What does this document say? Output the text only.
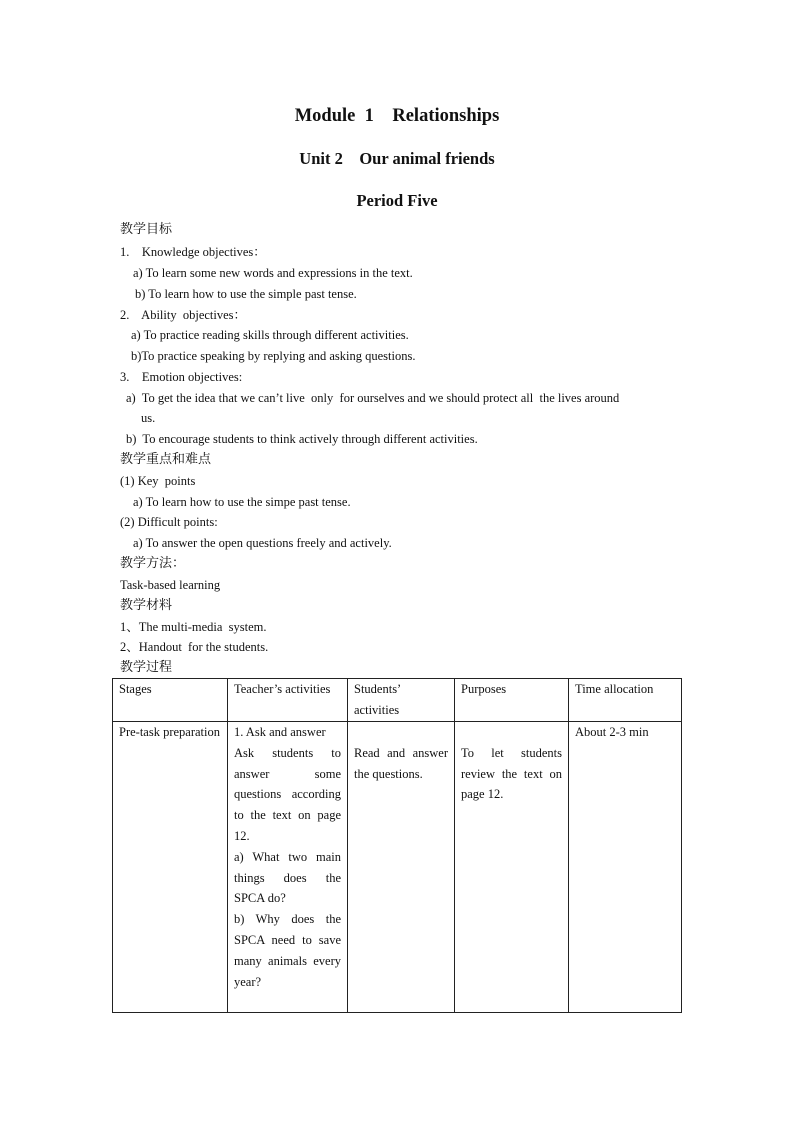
Module  1    Relationships
Unit 2    Our animal friends
Period Five
教学目标
1.    Knowledge objectives：
a) To learn some new words and expressions in the text.
b) To learn how to use the simple past tense.
2.    Ability  objectives：
a) To practice reading skills through different activities.
b)To practice speaking by replying and asking questions.
3.    Emotion objectives:
a)  To get the idea that we can’t live  only  for ourselves and we should protect all  the lives around
us.
b)  To encourage students to think actively through different activities.
教学重点和难点
(1) Key  points
a) To learn how to use the simpe past tense.
(2) Difficult points:
a) To answer the open questions freely and actively.
教学方法：
Task-based learning
教学材料
1、The multi-media  system.
2、Handout  for the students.
教学过程
Stages	Teacher’s activities	Students’ activities	Purposes	Time allocation
Pre-task preparation	1. Ask and answer
Ask students to answer some questions according to the text on page 12.
a) What two main things does the SPCA do?
b) Why does the SPCA need to save many animals every year?	Read and answer the questions.	To let students review the text on page 12.	About 2-3 min
